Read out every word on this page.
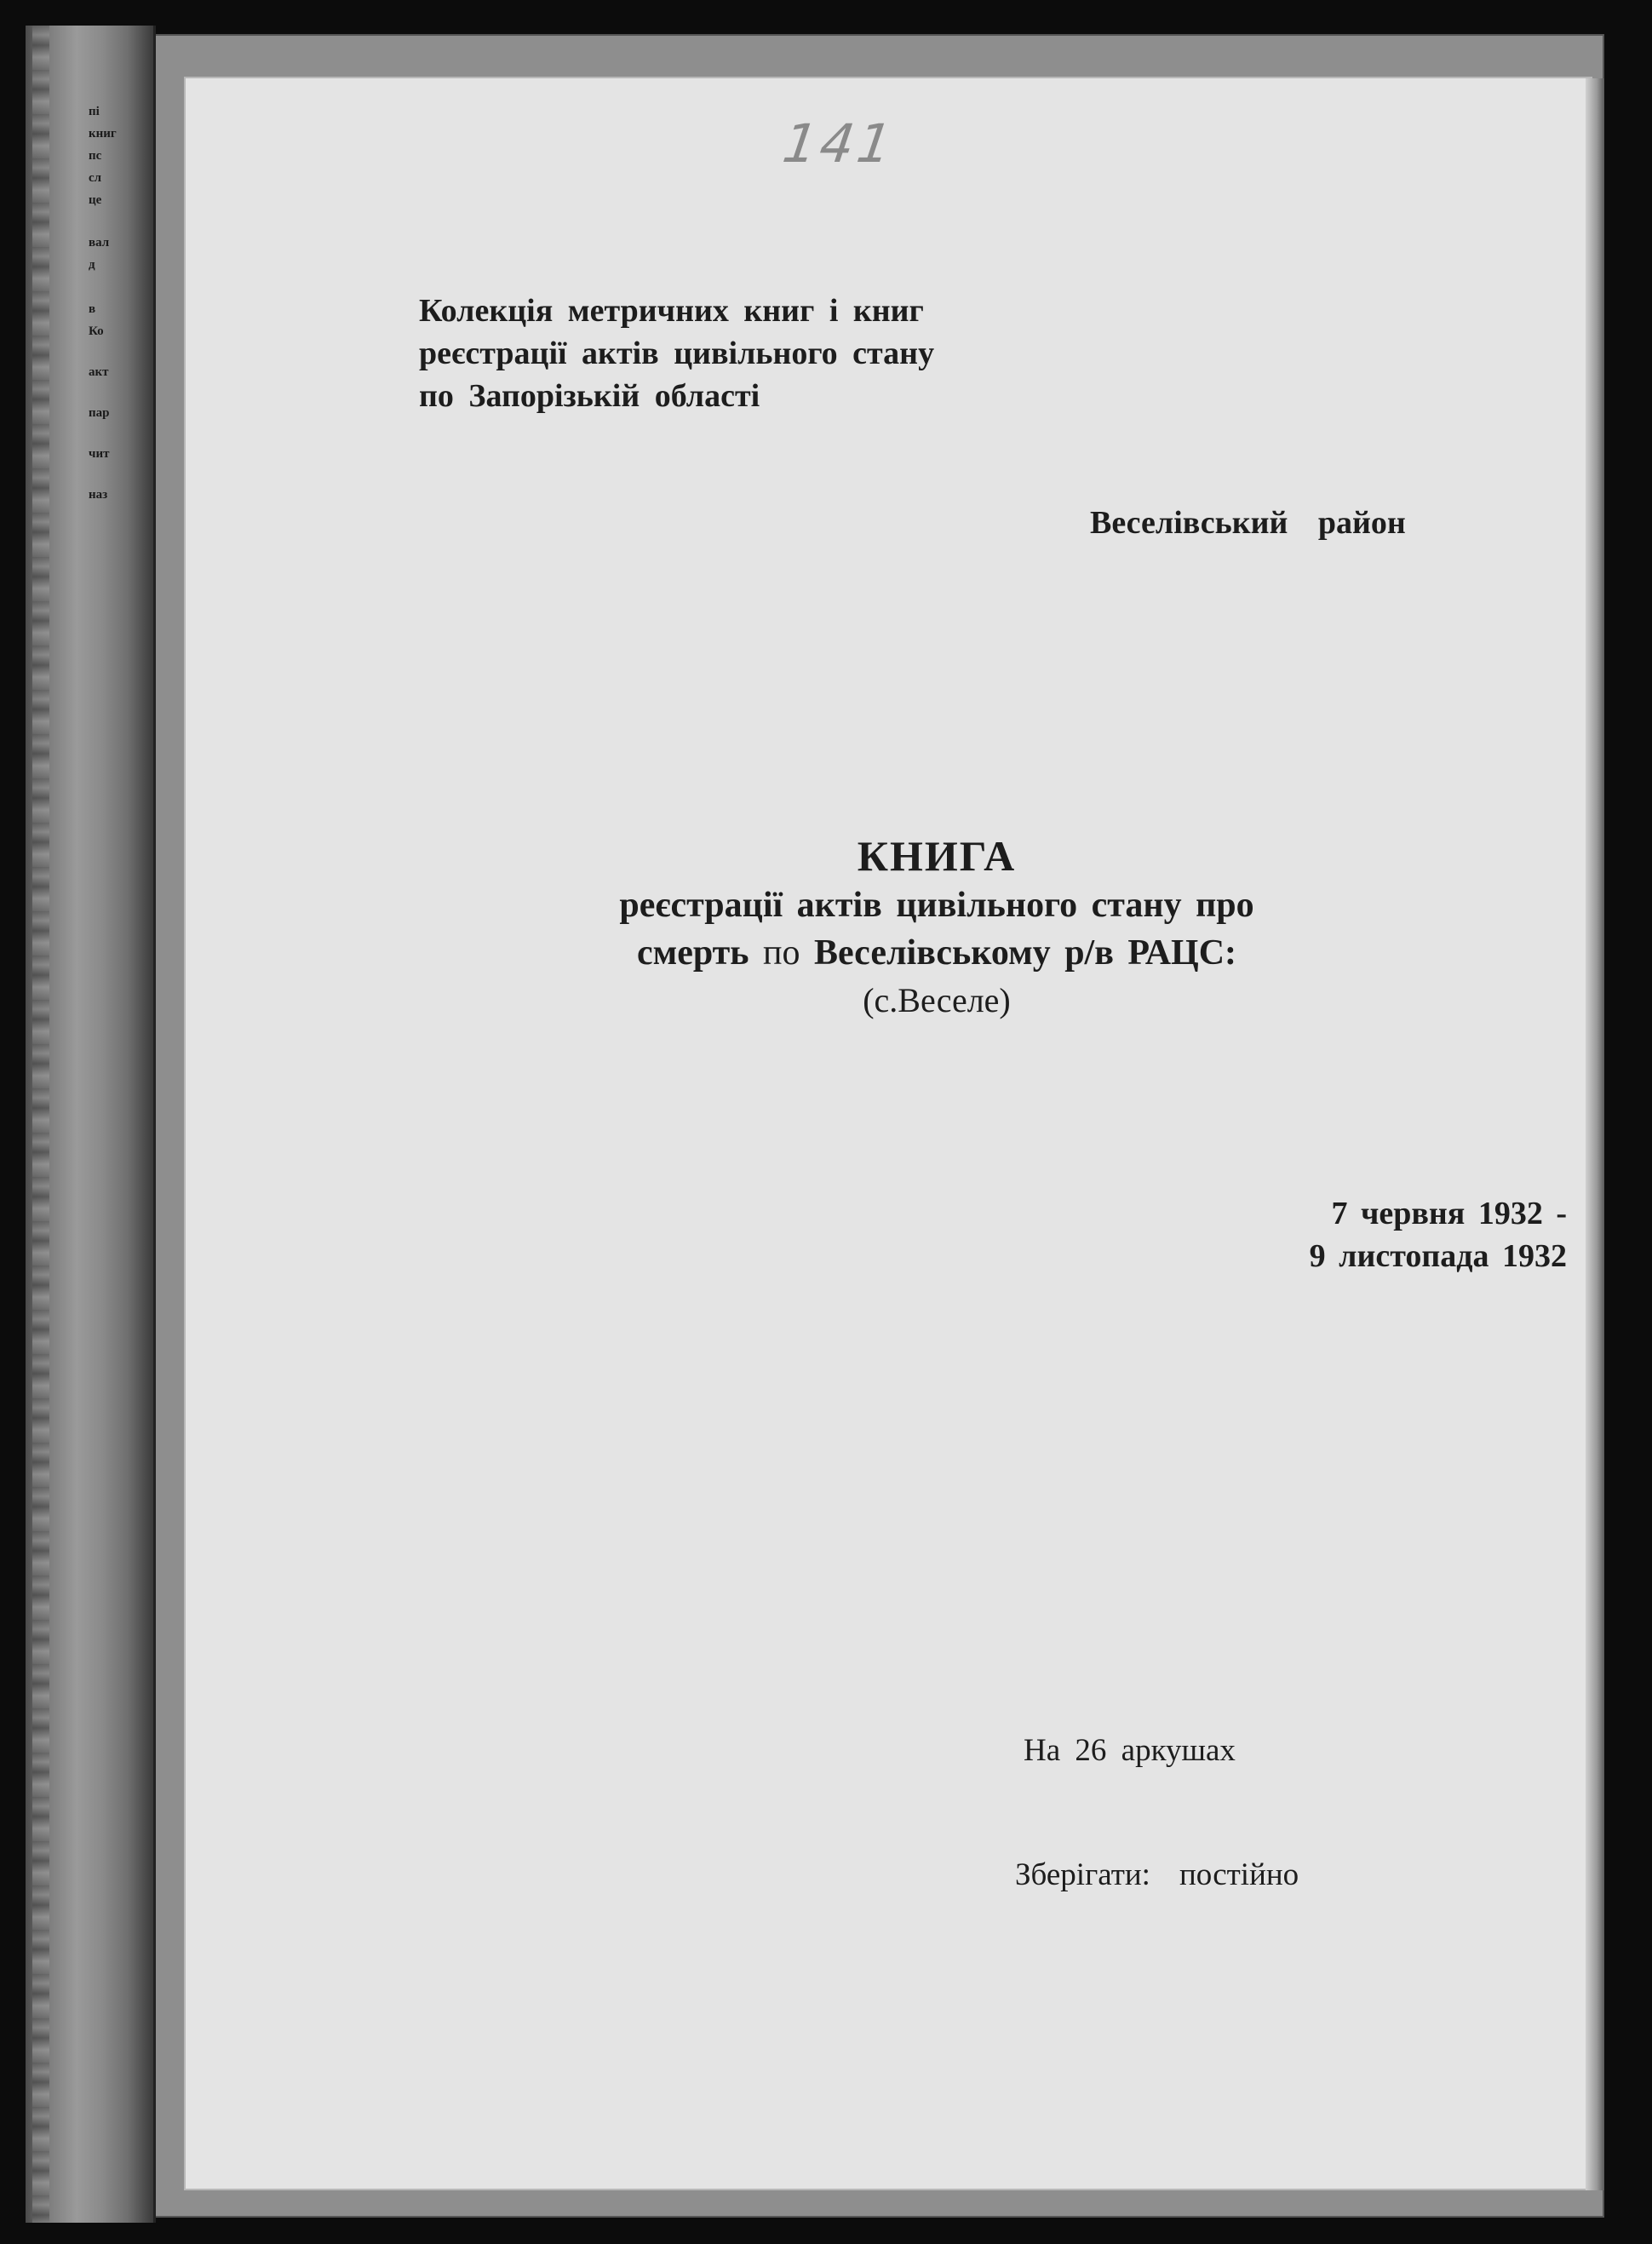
пі
книг
пс
сл
це
вал
д
в
Ко
акт
пар
чит
наз
141
Колекція метричних книг і книг
реєстрації актів цивільного стану
по Запорізькій області
Веселівський район
КНИГА
реєстрації актів цивільного стану про
смерть по Веселівському р/в РАЦС:
(с.Веселе)
7 червня 1932 -
9 листопада 1932
На 26 аркушах
Зберігати: постійно
